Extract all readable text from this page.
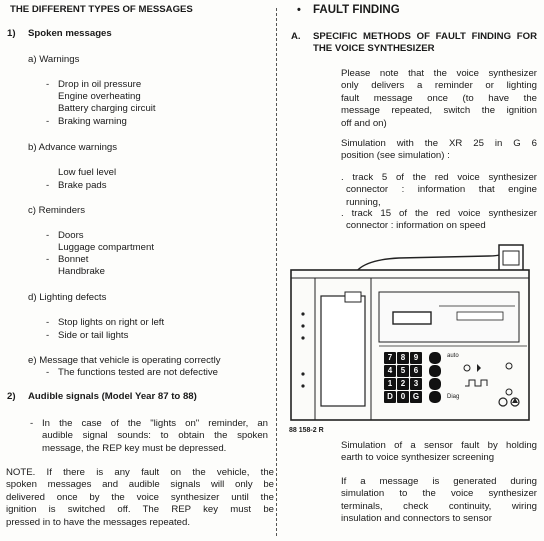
THE DIFFERENT TYPES OF MESSAGES
1) Spoken messages
a) Warnings
- Drop in oil pressure
Engine overheating
Battery charging circuit
- Braking warning
b) Advance warnings
Low fuel level
- Brake pads
c) Reminders
- Doors
Luggage compartment
- Bonnet
Handbrake
d) Lighting defects
- Stop lights on right or left
- Side or tail lights
e) Message that vehicle is operating correctly
- The functions tested are not defective
2) Audible signals (Model Year 87 to 88)
- In the case of the "lights on" reminder, an
audible signal sounds: to obtain the spoken
message, the REP key must be depressed.
NOTE. If there is any fault on the vehicle, the
spoken messages and audible signals will only be
delivered once by the voice synthesizer until the
ignition is switched off. The REP key must be
pressed in to have the messages repeated.
• FAULT FINDING
A. SPECIFIC METHODS OF FAULT FINDING FOR
THE VOICE SYNTHESIZER
Please note that the voice synthesizer
only delivers a reminder or lighting
fault message once (to have the
message repeated, switch the ignition
off and on)
Simulation with the XR 25 in G 6
position (see simulation) :
. track 5 of the red voice synthesizer
connector : information that engine
running,
. track 15 of the red voice synthesizer
connector : information on speed
7	8	9
4	5	6
1	2	3
D 0 G
auto
Diag
88 158-2 R
Simulation of a sensor fault by holding
earth to voice synthesizer screening
If a message is generated during
simulation to the voice synthesizer
terminals, check continuity, wiring
insulation and connectors to sensor
